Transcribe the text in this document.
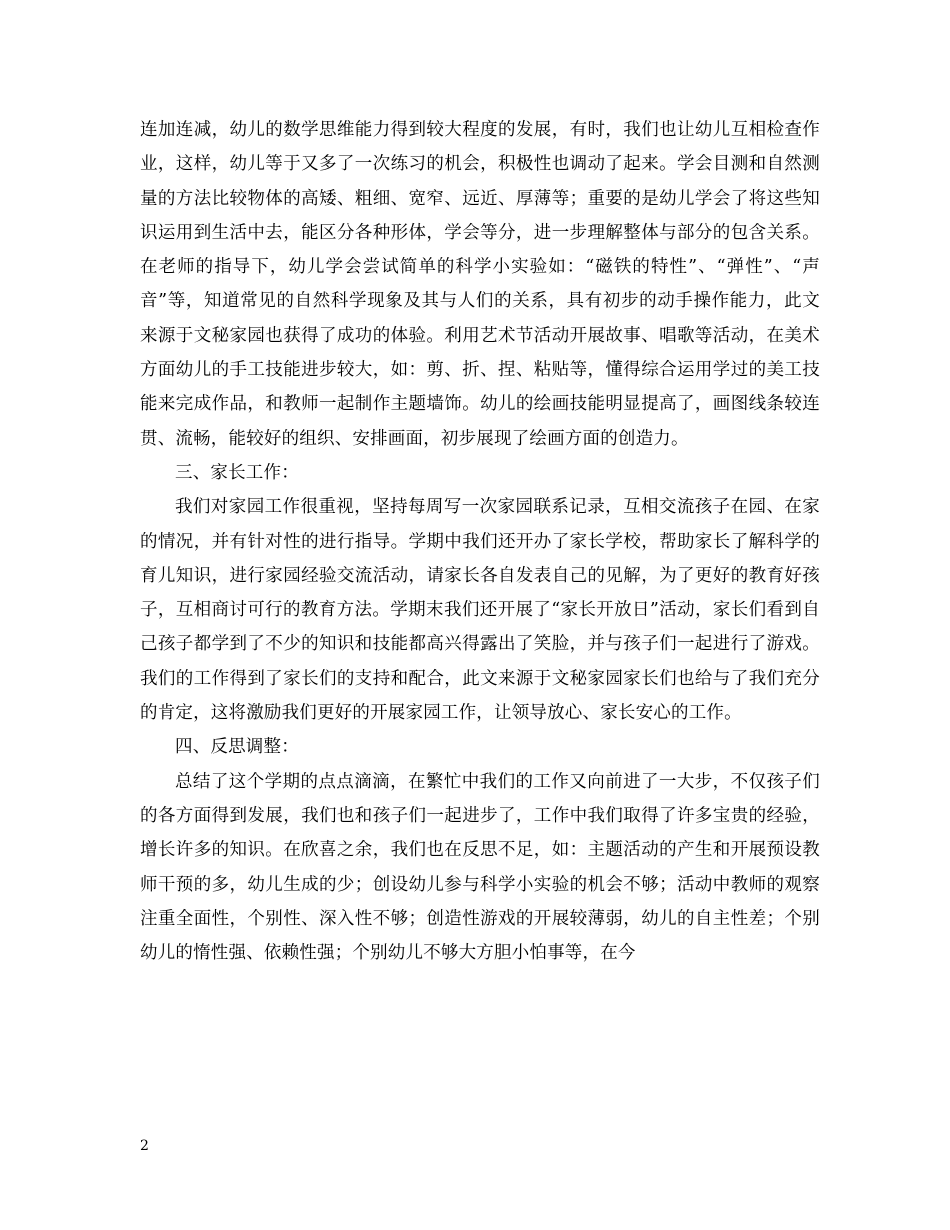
连加连减，幼儿的数学思维能力得到较大程度的发展，有时，我们也让幼儿互相检查作业，这样，幼儿等于又多了一次练习的机会，积极性也调动了起来。学会目测和自然测量的方法比较物体的高矮、粗细、宽窄、远近、厚薄等；重要的是幼儿学会了将这些知识运用到生活中去，能区分各种形体，学会等分，进一步理解整体与部分的包含关系。在老师的指导下，幼儿学会尝试简单的科学小实验如：“磁铁的特性”、“弹性”、“声音”等，知道常见的自然科学现象及其与人们的关系，具有初步的动手操作能力，此文来源于文秘家园也获得了成功的体验。利用艺术节活动开展故事、唱歌等活动，在美术方面幼儿的手工技能进步较大，如：剪、折、捏、粘贴等，懂得综合运用学过的美工技能来完成作品，和教师一起制作主题墙饰。幼儿的绘画技能明显提高了，画图线条较连贯、流畅，能较好的组织、安排画面，初步展现了绘画方面的创造力。

三、家长工作：

我们对家园工作很重视，坚持每周写一次家园联系记录，互相交流孩子在园、在家的情况，并有针对性的进行指导。学期中我们还开办了家长学校，帮助家长了解科学的育儿知识，进行家园经验交流活动，请家长各自发表自己的见解，为了更好的教育好孩子，互相商讨可行的教育方法。学期末我们还开展了“家长开放日”活动，家长们看到自己孩子都学到了不少的知识和技能都高兴得露出了笑脸，并与孩子们一起进行了游戏。我们的工作得到了家长们的支持和配合，此文来源于文秘家园家长们也给与了我们充分的肯定，这将激励我们更好的开展家园工作，让领导放心、家长安心的工作。

四、反思调整：

总结了这个学期的点点滴滴，在繁忙中我们的工作又向前进了一大步，不仅孩子们的各方面得到发展，我们也和孩子们一起进步了，工作中我们取得了许多宝贵的经验，增长许多的知识。在欣喜之余，我们也在反思不足，如：主题活动的产生和开展预设教师干预的多，幼儿生成的少；创设幼儿参与科学小实验的机会不够；活动中教师的观察注重全面性，个别性、深入性不够；创造性游戏的开展较薄弱，幼儿的自主性差；个别幼儿的惰性强、依赖性强；个别幼儿不够大方胆小怕事等，在今

2
